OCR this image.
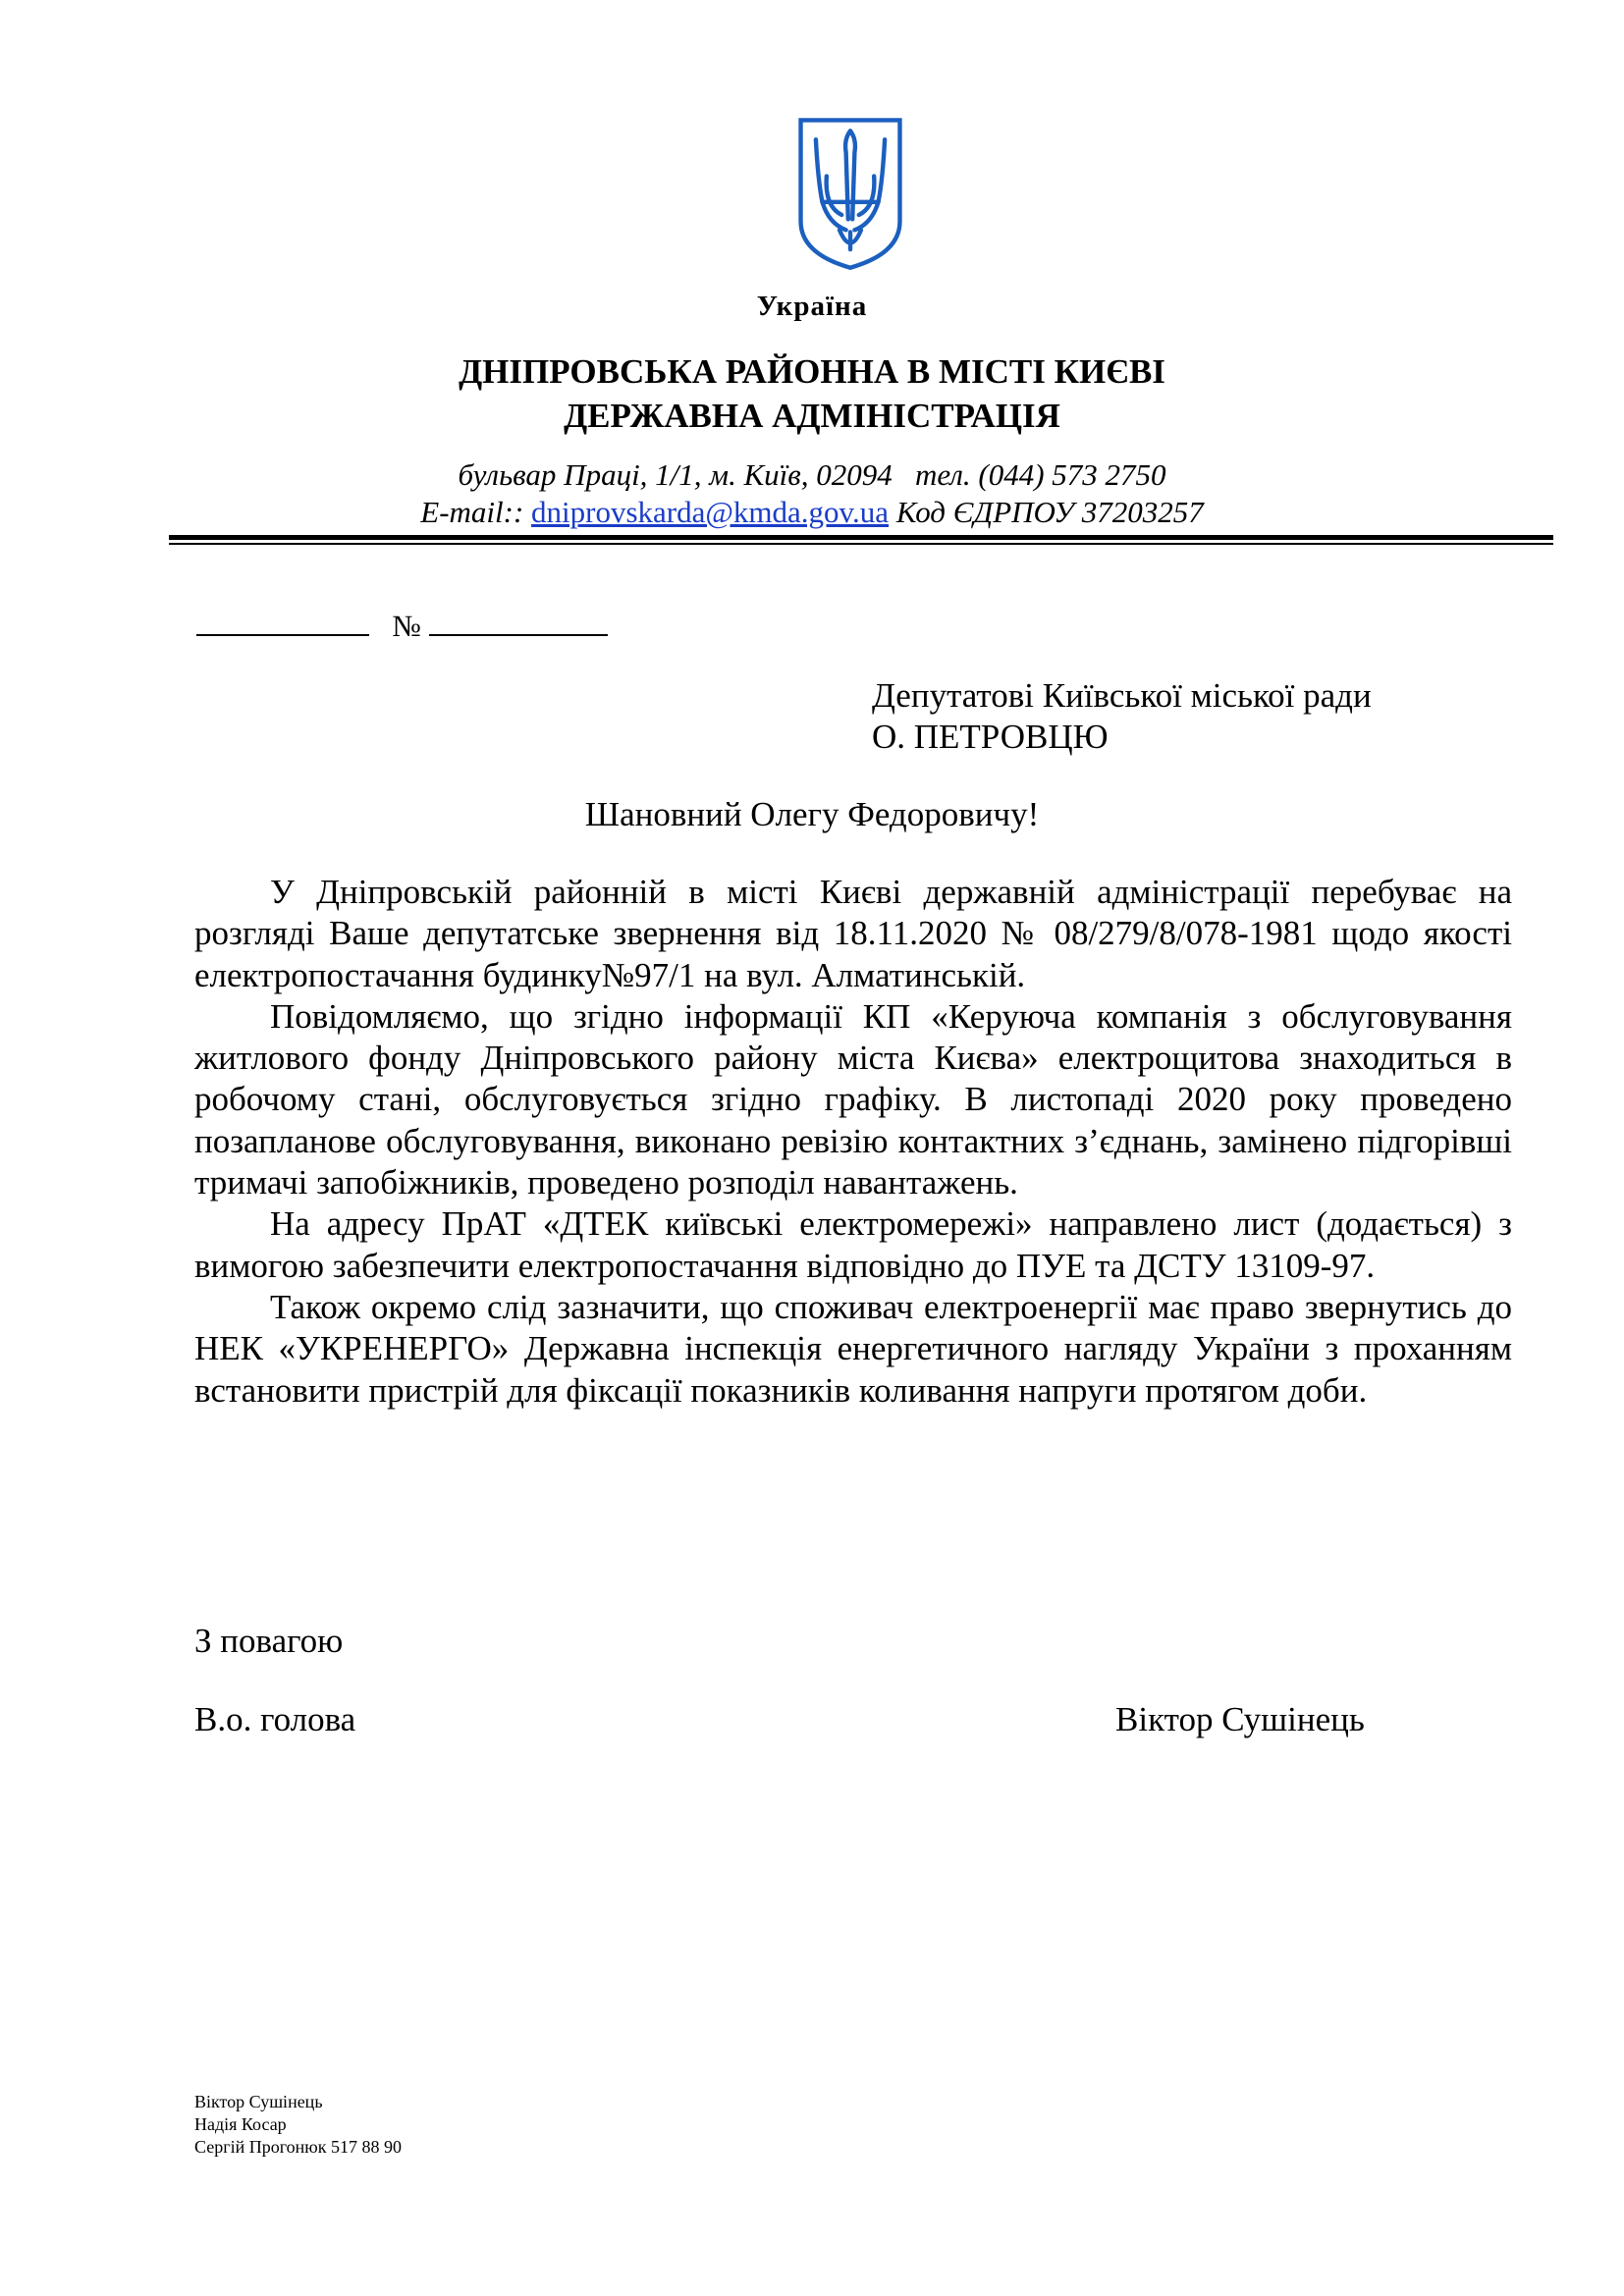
Україна
ДНІПРОВСЬКА РАЙОННА В МІСТІ КИЄВІ
ДЕРЖАВНА АДМІНІСТРАЦІЯ
бульвар Праці, 1/1, м. Київ, 02094 тел. (044) 573 2750
E-mail:: dniprovskarda@kmda.gov.ua Код ЄДРПОУ 37203257
№
Депутатові Київської міської ради
О. ПЕТРОВЦЮ
Шановний Олегу Федоровичу!

У Дніпровській районній в місті Києві державній адміністрації перебуває на розгляді Ваше депутатське звернення від 18.11.2020 № 08/279/8/078-1981 щодо якості електропостачання будинку№97/1 на вул. Алматинській.

Повідомляємо, що згідно інформації КП «Керуюча компанія з обслуговування житлового фонду Дніпровського району міста Києва» електрощитова знаходиться в робочому стані, обслуговується згідно графіку. В листопаді 2020 року проведено позапланове обслуговування, виконано ревізію контактних з’єднань, замінено підгорівші тримачі запобіжників, проведено розподіл навантажень.

На адресу ПрАТ «ДТЕК київські електромережі» направлено лист (додається) з вимогою забезпечити електропостачання відповідно до ПУЕ та ДСТУ 13109-97.

Також окремо слід зазначити, що споживач електроенергії має право звернутись до НЕК «УКРЕНЕРГО» Державна інспекція енергетичного нагляду України з проханням встановити пристрій для фіксації показників коливання напруги протягом доби.

З повагою
В.о. голова	Віктор Сушінець
Віктор Сушінець
Надія Косар
Сергій Прогонюк 517 88 90
